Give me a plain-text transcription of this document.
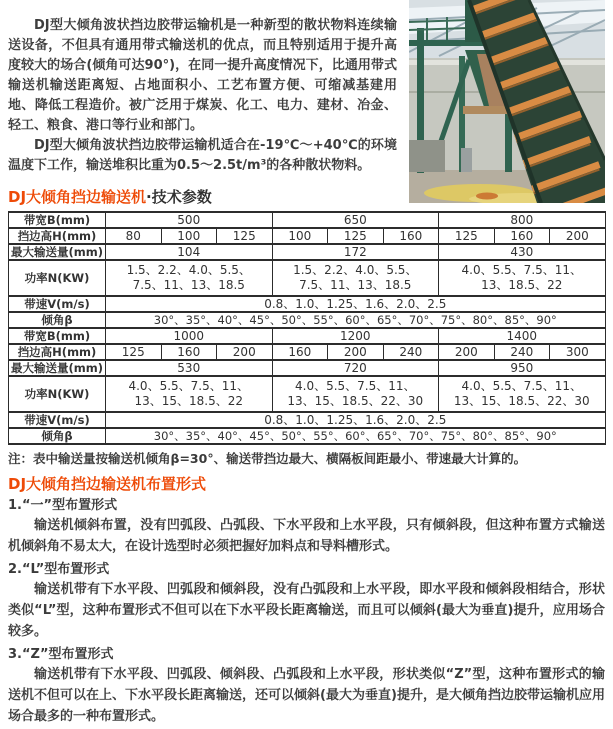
DJ型大倾角波状挡边胶带运输机是一种新型的散状物料连续输送设备，不但具有通用带式输送机的优点，而且特别适用于提升高度较大的场合(倾角可达90°)，在同一提升高度情况下，比通用带式输送机输送距离短、占地面积小、工艺布置方便、可缩减基建用地、降低工程造价。被广泛用于煤炭、化工、电力、建材、冶金、轻工、粮食、港口等行业和部门。

DJ型大倾角波状挡边胶带运输机适合在-19℃～+40℃的环境温度下工作，输送堆积比重为0.5～2.5t/m³的各种散状物料。

DJ大倾角挡边输送机·技术参数
带宽B(mm)	500			650			800		
挡边高H(mm)	80	100	125	100	125	160	125	160	200
最大输送量(mm)	104			172			430		
功率N(KW)	1.5、2.2、4.0、5.5、7.5、11、13、18.5			1.5、2.2、4.0、5.5、7.5、11、13、18.5			4.0、5.5、7.5、11、13、18.5、22		
带速V(m/s)	0.8、1.0、1.25、1.6、2.0、2.5								
倾角β	30°、35°、40°、45°、50°、55°、60°、65°、70°、75°、80°、85°、90°								
带宽B(mm)	1000			1200			1400		
挡边高H(mm)	125	160	200	160	200	240	200	240	300
最大输送量(mm)	530			720			950		
功率N(KW)	4.0、5.5、7.5、11、13、15、18.5、22			4.0、5.5、7.5、11、13、15、18.5、22、30			4.0、5.5、7.5、11、13、15、18.5、22、30		
带速V(m/s)	0.8、1.0、1.25、1.6、2.0、2.5								
倾角β	30°、35°、40°、45°、50°、55°、60°、65°、70°、75°、80°、85°、90°								
注：表中输送量按输送机倾角β=30°、输送带挡边最大、横隔板间距最小、带速最大计算的。
DJ大倾角挡边输送机布置形式
1.“一”型布置形式

输送机倾斜布置，没有凹弧段、凸弧段、下水平段和上水平段，只有倾斜段，但这种布置方式输送机倾斜角不易太大，在设计选型时必须把握好加料点和导料槽形式。

2.“L”型布置形式

输送机带有下水平段、凹弧段和倾斜段，没有凸弧段和上水平段，即水平段和倾斜段相结合，形状类似“L”型，这种布置形式不但可以在下水平段长距离输送，而且可以倾斜(最大为垂直)提升，应用场合较多。

3.“Z”型布置形式

输送机带有下水平段、凹弧段、倾斜段、凸弧段和上水平段，形状类似“Z”型，这种布置形式的输送机不但可以在上、下水平段长距离输送，还可以倾斜(最大为垂直)提升，是大倾角挡边胶带运输机应用场合最多的一种布置形式。
